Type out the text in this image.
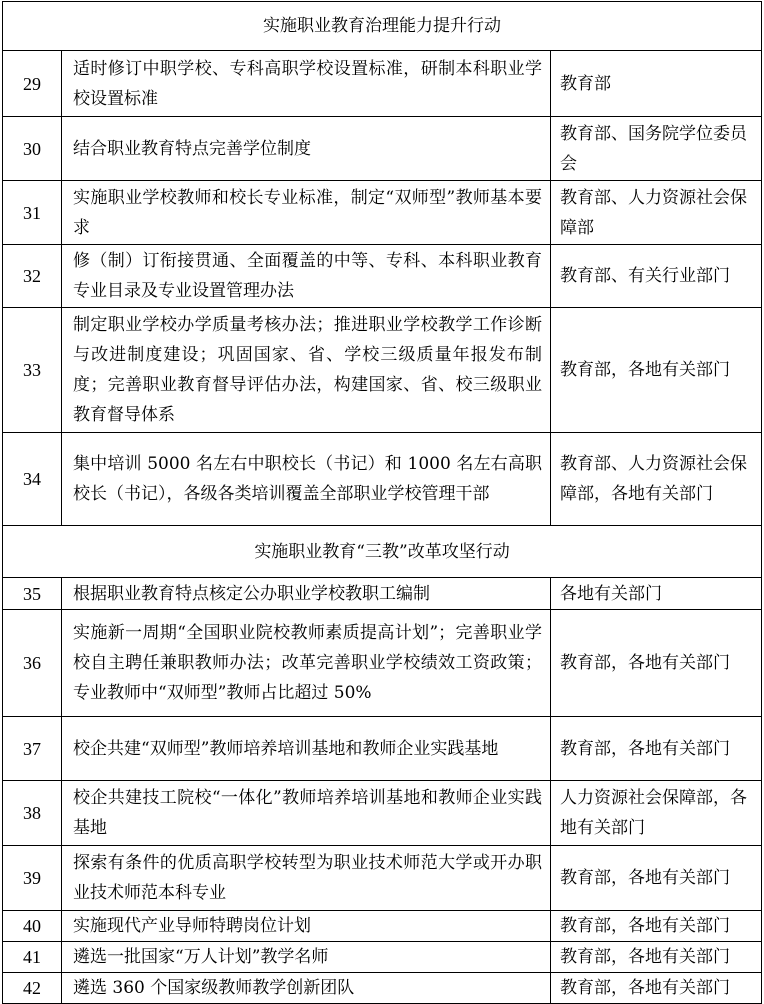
实施职业教育治理能力提升行动		
29	适时修订中职学校、专科高职学校设置标准，研制本科职业学校设置标准	教育部
30	结合职业教育特点完善学位制度	教育部、国务院学位委员会
31	实施职业学校教师和校长专业标准，制定“双师型”教师基本要求	教育部、人力资源社会保障部
32	修（制）订衔接贯通、全面覆盖的中等、专科、本科职业教育专业目录及专业设置管理办法	教育部、有关行业部门
33	制定职业学校办学质量考核办法；推进职业学校教学工作诊断与改进制度建设；巩固国家、省、学校三级质量年报发布制度；完善职业教育督导评估办法，构建国家、省、校三级职业教育督导体系	教育部，各地有关部门
34	集中培训 5000 名左右中职校长（书记）和 1000 名左右高职校长（书记），各级各类培训覆盖全部职业学校管理干部	教育部、人力资源社会保障部，各地有关部门
实施职业教育“三教”改革攻坚行动		
35	根据职业教育特点核定公办职业学校教职工编制	各地有关部门
36	实施新一周期“全国职业院校教师素质提高计划”；完善职业学校自主聘任兼职教师办法；改革完善职业学校绩效工资政策；专业教师中“双师型”教师占比超过 50%	教育部，各地有关部门
37	校企共建“双师型”教师培养培训基地和教师企业实践基地	教育部，各地有关部门
38	校企共建技工院校“一体化”教师培养培训基地和教师企业实践基地	人力资源社会保障部，各地有关部门
39	探索有条件的优质高职学校转型为职业技术师范大学或开办职业技术师范本科专业	教育部，各地有关部门
40	实施现代产业导师特聘岗位计划	教育部，各地有关部门
41	遴选一批国家“万人计划”教学名师	教育部，各地有关部门
42	遴选 360 个国家级教师教学创新团队	教育部，各地有关部门
